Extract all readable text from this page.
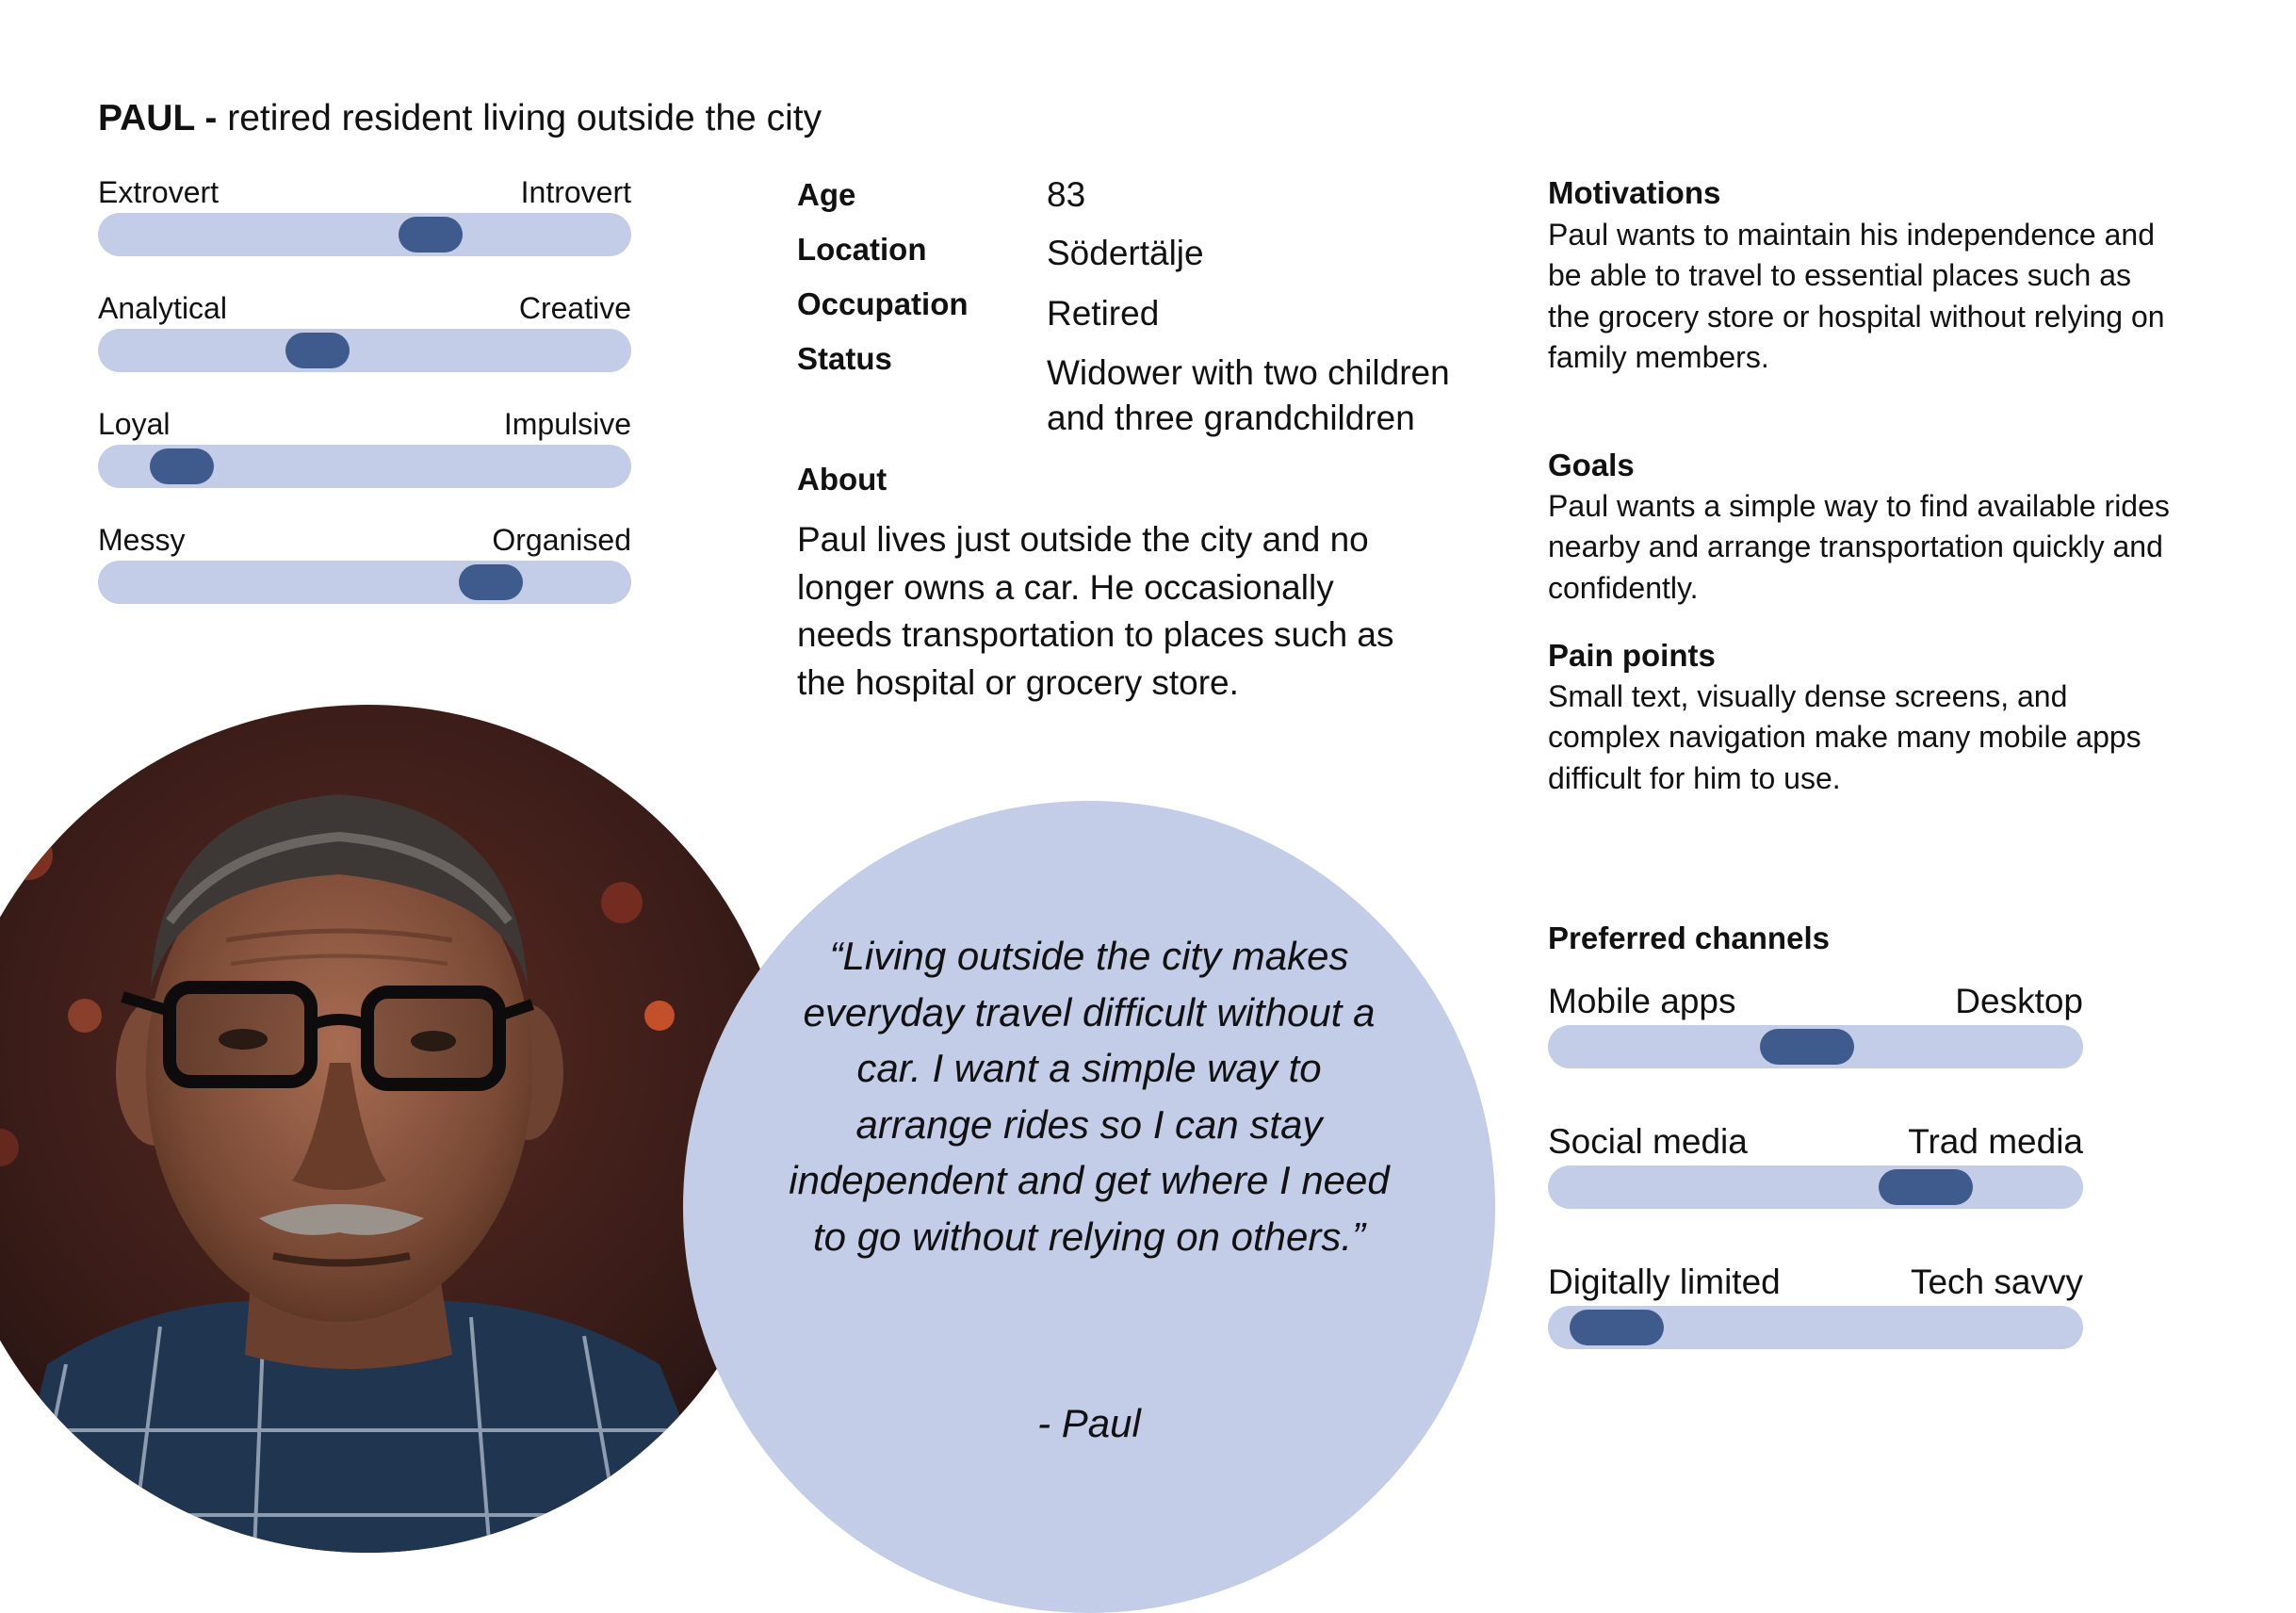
PAUL - retired resident living outside the city
Extrovert	Introvert
Analytical	Creative
Loyal	Impulsive
Messy	Organised
Age	83
Location	Södertälje
Occupation Retired
Status	Widower with two children
and three grandchildren
About
Paul lives just outside the city and no longer owns a car. He occasionally needs transportation to places such as the hospital or grocery store.
Motivations
Paul wants to maintain his independence and be able to travel to essential places such as the grocery store or hospital without relying on family members.
Goals
Paul wants a simple way to find available rides nearby and arrange transportation quickly and confidently.
Pain points
Small text, visually dense screens, and complex navigation make many mobile apps difficult for him to use.
Preferred channels
Mobile apps	Desktop
Social media	Trad media
Digitally limited	Tech savvy
“Living outside the city makes everyday travel difficult without a car. I want a simple way to arrange rides so I can stay independent and get where I need to go without relying on others.”
- Paul
